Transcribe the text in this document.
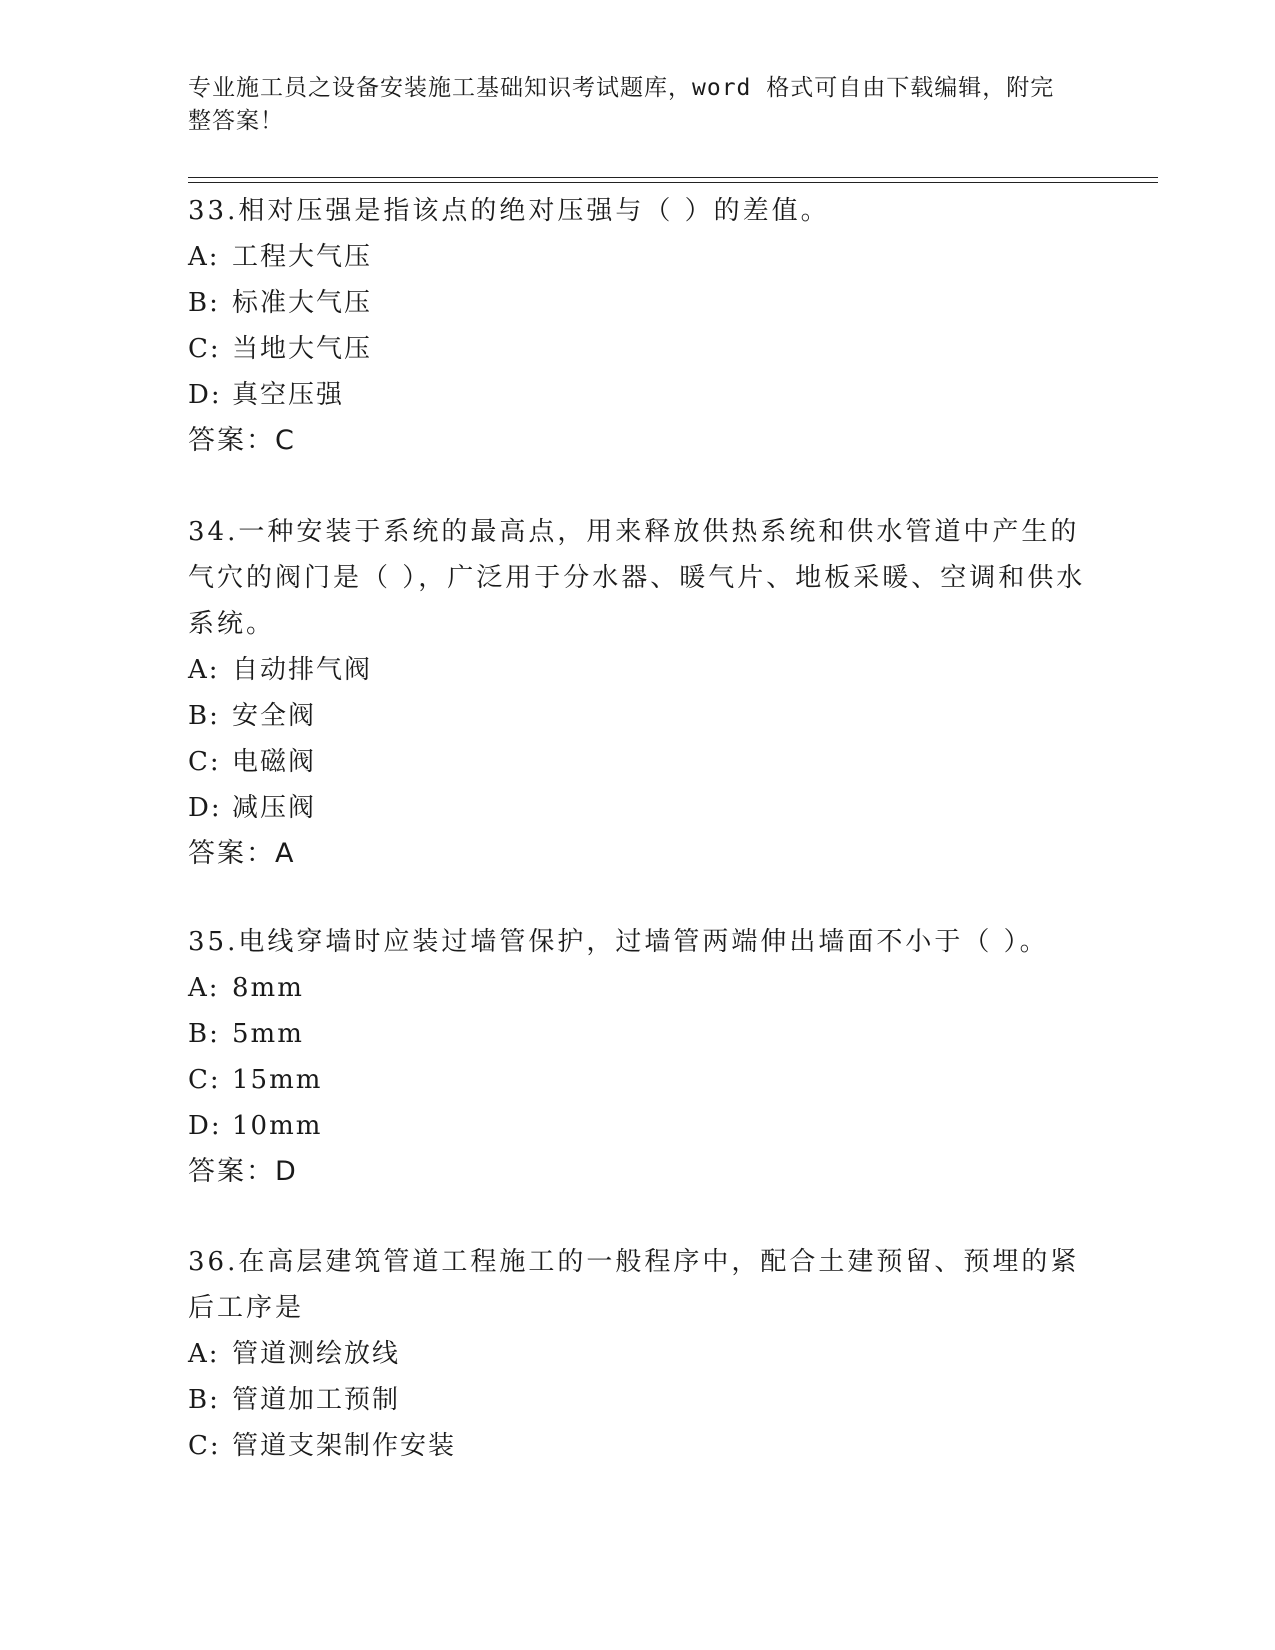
专业施工员之设备安装施工基础知识考试题库，word 格式可自由下载编辑，附完整答案！

33.相对压强是指该点的绝对压强与（ ）的差值。

A: 工程大气压

B: 标准大气压

C: 当地大气压

D: 真空压强

答案：C

34.一种安装于系统的最高点，用来释放供热系统和供水管道中产生的气穴的阀门是（ ），广泛用于分水器、暖气片、地板采暖、空调和供水系统。

A: 自动排气阀

B: 安全阀

C: 电磁阀

D: 减压阀

答案：A

35.电线穿墙时应装过墙管保护，过墙管两端伸出墙面不小于（ ）。

A: 8mm

B: 5mm

C: 15mm

D: 10mm

答案：D

36.在高层建筑管道工程施工的一般程序中，配合土建预留、预埋的紧后工序是

A: 管道测绘放线

B: 管道加工预制

C: 管道支架制作安装
